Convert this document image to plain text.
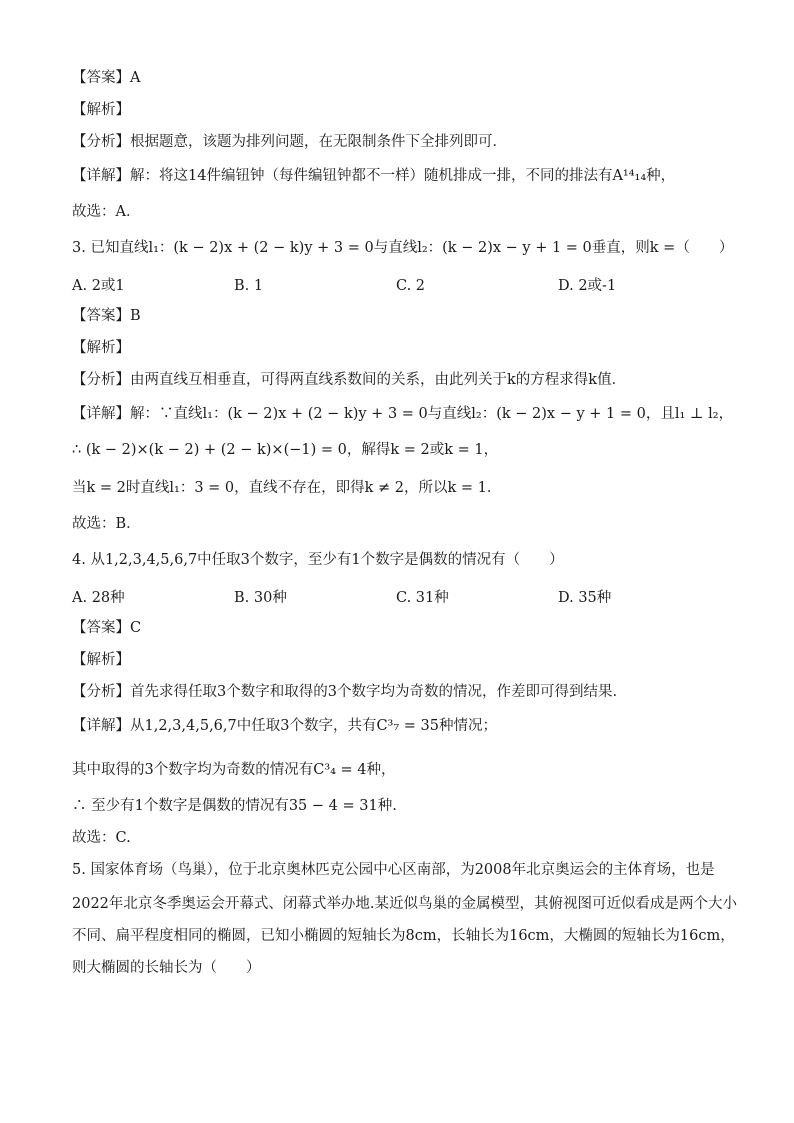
【答案】A
【解析】
【分析】根据题意，该题为排列问题，在无限制条件下全排列即可．
【详解】解：将这14件编钮钟（每件编钮钟都不一样）随机排成一排，不同的排法有A¹⁴₁₄种，
故选：A．
3. 已知直线l₁：(k − 2)x + (2 − k)y + 3 = 0与直线l₂：(k − 2)x − y + 1 = 0垂直，则k =（　　）
【答案】B
【解析】
【分析】由两直线互相垂直，可得两直线系数间的关系，由此列关于k的方程求得k值．
【详解】解：∵直线l₁：(k − 2)x + (2 − k)y + 3 = 0与直线l₂：(k − 2)x − y + 1 = 0，且l₁ ⊥ l₂，
∴ (k − 2)×(k − 2) + (2 − k)×(−1) = 0，解得k = 2或k = 1，
当k = 2时直线l₁：3 = 0，直线不存在，即得k ≠ 2，所以k = 1．
故选：B．
4. 从1,2,3,4,5,6,7中任取3个数字，至少有1个数字是偶数的情况有（　　）
【答案】C
【解析】
【分析】首先求得任取3个数字和取得的3个数字均为奇数的情况，作差即可得到结果.
【详解】从1,2,3,4,5,6,7中任取3个数字，共有C³₇ = 35种情况；
其中取得的3个数字均为奇数的情况有C³₄ = 4种，
∴ 至少有1个数字是偶数的情况有35 − 4 = 31种.
故选：C.
5. 国家体育场（鸟巢），位于北京奥林匹克公园中心区南部，为2008年北京奥运会的主体育场，也是
2022年北京冬季奥运会开幕式、闭幕式举办地.某近似鸟巢的金属模型，其俯视图可近似看成是两个大小
不同、扁平程度相同的椭圆，已知小椭圆的短轴长为8cm，长轴长为16cm，大椭圆的短轴长为16cm，
则大椭圆的长轴长为（　　）
A. 2或1	B. 1	C. 2	D. 2或-1
A. 28种	B. 30种	C. 31种	D. 35种
